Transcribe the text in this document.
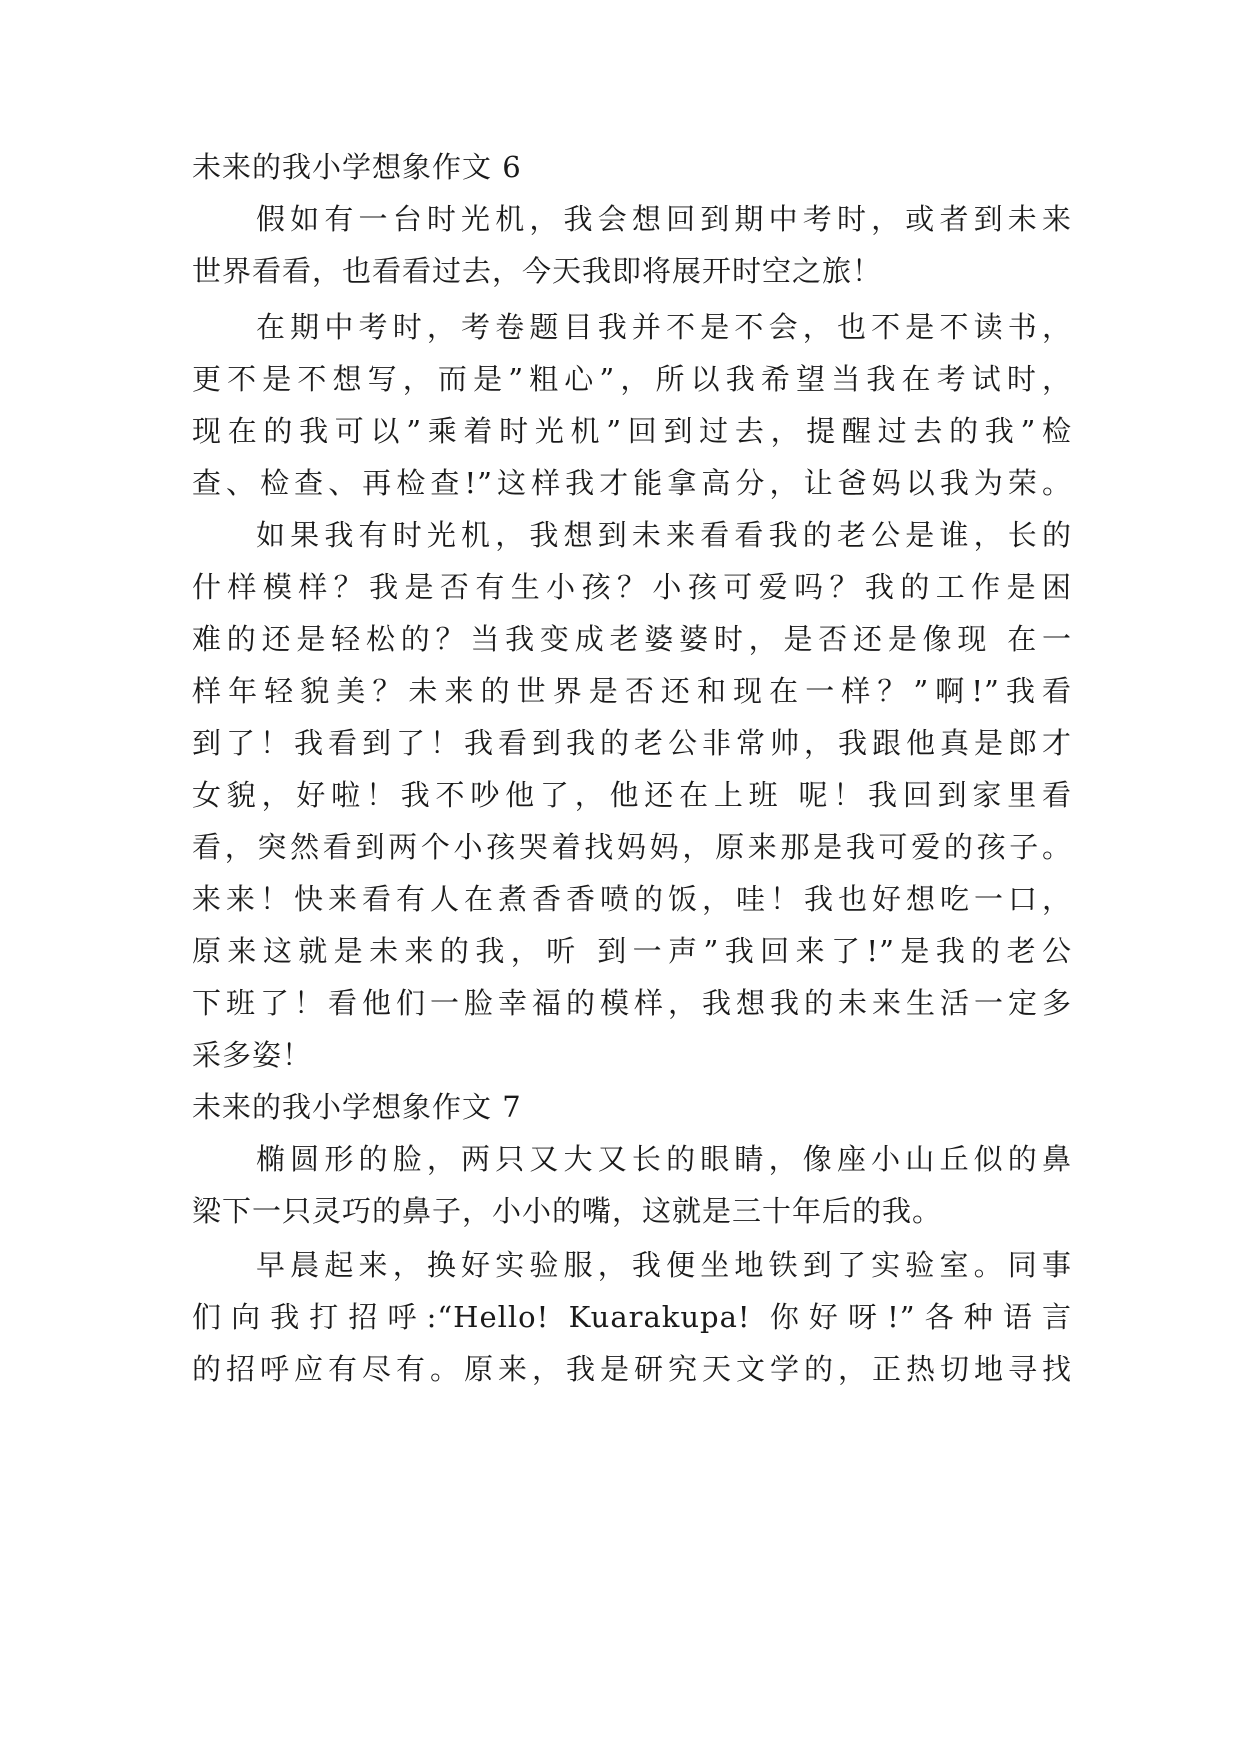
未来的我小学想象作文 6
假如有一台时光机，我会想回到期中考时，或者到未来
世界看看，也看看过去，今天我即将展开时空之旅！
在期中考时，考卷题目我并不是不会，也不是不读书，
更不是不想写，而是”粗心”，所以我希望当我在考试时，
现在的我可以”乘着时光机”回到过去，提醒过去的我”检
查、检查、再检查!”这样我才能拿高分，让爸妈以我为荣。
如果我有时光机，我想到未来看看我的老公是谁，长的
什样模样？我是否有生小孩？小孩可爱吗？我的工作是困
难的还是轻松的？当我变成老婆婆时，是否还是像现 在一
样年轻貌美？未来的世界是否还和现在一样？”啊!”我看
到了！我看到了！我看到我的老公非常帅，我跟他真是郎才
女貌，好啦！我不吵他了，他还在上班 呢！我回到家里看
看，突然看到两个小孩哭着找妈妈，原来那是我可爱的孩子。
来来！快来看有人在煮香香喷的饭，哇！我也好想吃一口，
原来这就是未来的我，听 到一声”我回来了!”是我的老公
下班了！看他们一脸幸福的模样，我想我的未来生活一定多
采多姿！
未来的我小学想象作文 7
椭圆形的脸，两只又大又长的眼睛，像座小山丘似的鼻
梁下一只灵巧的鼻子，小小的嘴，这就是三十年后的我。
早晨起来，换好实验服，我便坐地铁到了实验室。同事
们向我打招呼:“Hello! Kuarakupa! 你好呀!”各种语言
的招呼应有尽有。原来，我是研究天文学的，正热切地寻找
